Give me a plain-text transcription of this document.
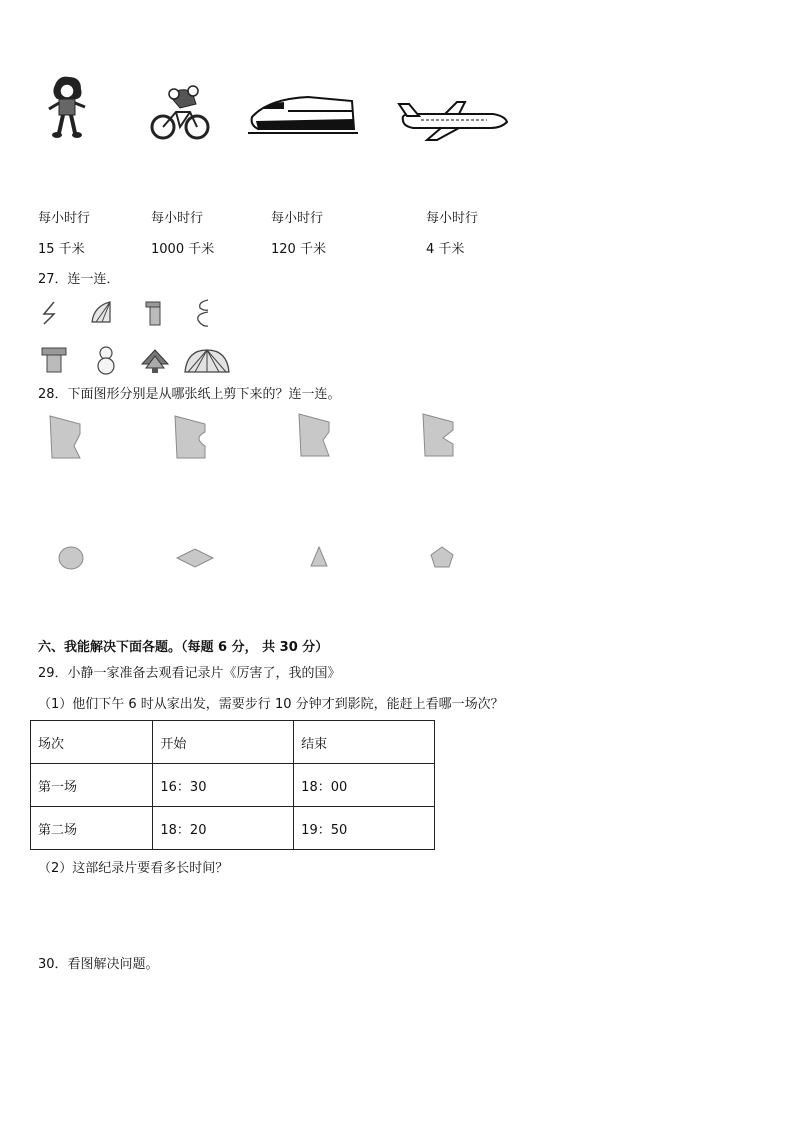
每小时行
15 千米
每小时行
1000 千米
每小时行
120 千米
每小时行
4 千米
27．连一连．
28．下面图形分别是从哪张纸上剪下来的？连一连。
六、我能解决下面各题。（每题 6 分， 共 30 分）
29．小静一家准备去观看记录片《厉害了，我的国》
（1）他们下午 6 时从家出发，需要步行 10 分钟才到影院，能赶上看哪一场次？
场次	开始	结束
第一场	16：30	18：00
第二场	18：20	19：50
（2）这部纪录片要看多长时间？
30．看图解决问题。
